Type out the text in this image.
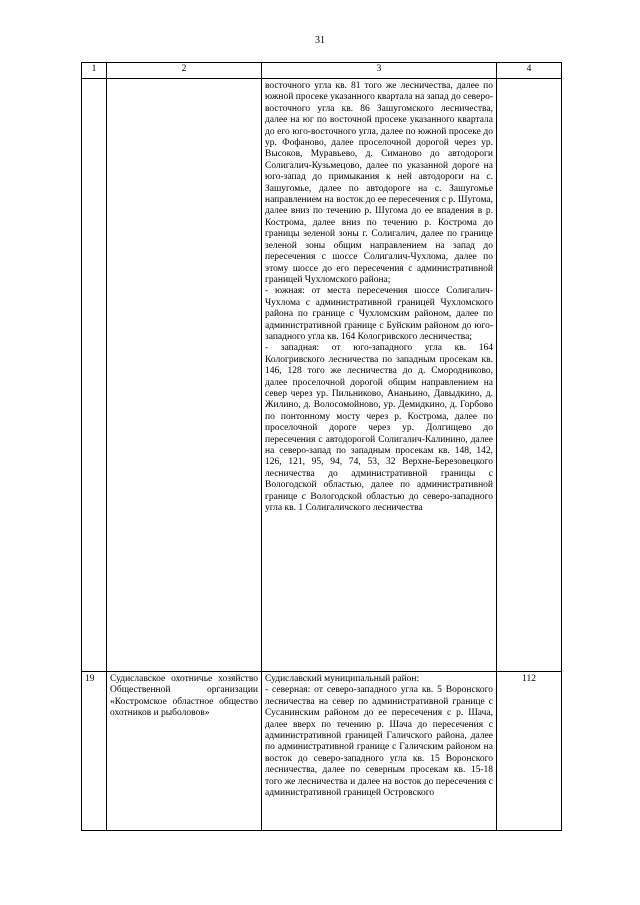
31
1	2	3	4

		восточного угла кв. 81 того же лесничества, далее по южной просеке указанного квартала на запад до северо-восточного угла кв. 86 Зашугомского лесничества, далее на юг по восточной просеке указанного квартала до его юго-восточного угла, далее по южной просеке до ур. Фофаново, далее проселочной дорогой через ур. Высоков, Муравьево, д. Симаново до автодороги Солигалич-Кузьмецово, далее по указанной дороге на юго-запад до примыкания к ней автодороги на с. Зашугомье, далее по автодороге на с. Зашугомье направлением на восток до ее пересечения с р. Шугома, далее вниз по течению р. Шугома до ее впадения в р. Кострома, далее вниз по течению р. Кострома до границы зеленой зоны г. Солигалич, далее по границе зеленой зоны общим направлением на запад до пересечения с шоссе Солигалич-Чухлома, далее по этому шоссе до его пересечения с административной границей Чухломского района;
- южная: от места пересечения шоссе Солигалич-Чухлома с административной границей Чухломского района по границе с Чухломским районом, далее по административной границе с Буйским районом до юго-западного угла кв. 164 Кологривского лесничества;
- западная: от юго-западного угла кв. 164 Кологривского лесничества по западным просекам кв. 146, 128 того же лесничества до д. Смородниково, далее проселочной дорогой общим направлением на север через ур. Пильниково, Ананьино, Давыдкино, д. Жилино, д. Волосомойново, ур. Демидкино, д. Горбово по понтонному мосту через р. Кострома, далее по проселочной дороге через ур. Долгищево до пересечения с автодорогой Солигалич-Калинино, далее на северо-запад по западным просекам кв. 148, 142, 126, 121, 95, 94, 74, 53, 32 Верхне-Березовецкого лесничества до административной границы с Вологодской областью, далее по административной границе с Вологодской областью до северо-западного угла кв. 1 Солигаличского лесничества	

19	Судиславское охотничье хозяйство Общественной организации «Костромское областное общество охотников и рыболовов»	Судиславский муниципальный район:
- северная: от северо-западного угла кв. 5 Воронского лесничества на север по административной границе с Сусанинским районом до ее пересечения с р. Шача, далее вверх по течению р. Шача до пересечения с административной границей Галичского района, далее по административной границе с Галичским районом на восток до северо-западного угла кв. 15 Воронского лесничества, далее по северным просекам кв. 15-18 того же лесничества и далее на восток до пересечения с административной границей Островского	112
